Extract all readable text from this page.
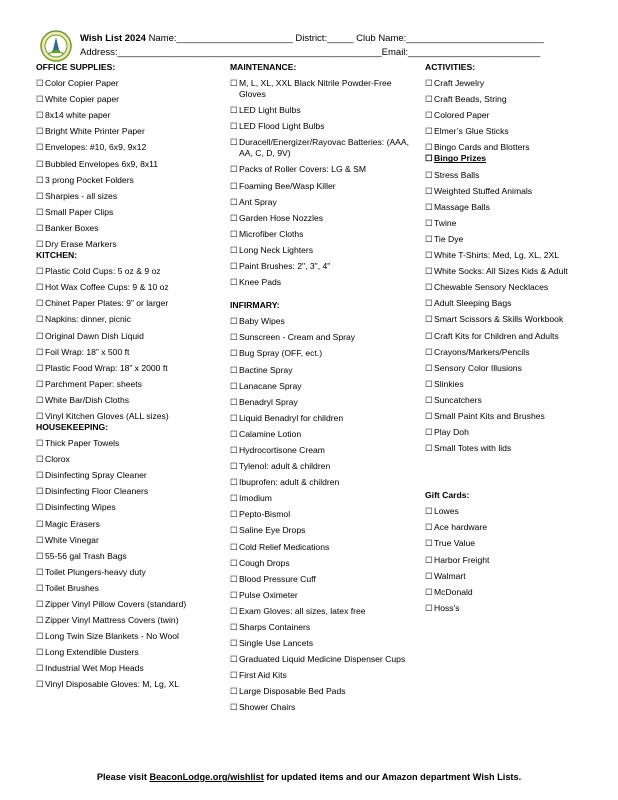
Wish List 2024 Name:______________________ District:_____ Club Name:__________________________
Address:__________________________________________________Email:_________________________
OFFICE SUPPLIES:
☐ Color Copier Paper
☐ White Copier paper
☐ 8x14 white paper
☐ Bright White Printer Paper
☐ Envelopes: #10, 6x9, 9x12
☐ Bubbled Envelopes 6x9, 8x11
☐ 3 prong Pocket Folders
☐ Sharpies - all sizes
☐ Small Paper Clips
☐ Banker Boxes
☐ Dry Erase Markers
KITCHEN:
☐ Plastic Cold Cups: 5 oz & 9 oz
☐ Hot Wax Coffee Cups: 9 & 10 oz
☐ Chinet Paper Plates: 9” or larger
☐ Napkins: dinner, picnic
☐ Original Dawn Dish Liquid
☐ Foil Wrap: 18” x 500 ft
☐ Plastic Food Wrap: 18” x 2000 ft
☐ Parchment Paper: sheets
☐ White Bar/Dish Cloths
☐ Vinyl Kitchen Gloves (ALL sizes)
HOUSEKEEPING:
☐ Thick Paper Towels
☐ Clorox
☐ Disinfecting Spray Cleaner
☐ Disinfecting Floor Cleaners
☐ Disinfecting Wipes
☐ Magic Erasers
☐ White Vinegar
☐ 55-56 gal Trash Bags
☐ Toilet Plungers-heavy duty
☐ Toilet Brushes
☐ Zipper Vinyl Pillow Covers (standard)
☐ Zipper Vinyl Mattress Covers (twin)
☐ Long Twin Size Blankets - No Wool
☐ Long Extendible Dusters
☐ Industrial Wet Mop Heads
☐ Vinyl Disposable Gloves: M, Lg, XL
MAINTENANCE:
☐ M, L, XL, XXL Black Nitrile Powder-Free Gloves
☐ LED Light Bulbs
☐ LED Flood Light Bulbs
☐ Duracell/Energizer/Rayovac Batteries: (AAA, AA, C, D, 9V)
☐ Packs of Roller Covers: LG & SM
☐ Foaming Bee/Wasp Killer
☐ Ant Spray
☐ Garden Hose Nozzles
☐ Microfiber Cloths
☐ Long Neck Lighters
☐ Paint Brushes: 2", 3", 4"
☐ Knee Pads
INFIRMARY:
☐ Baby Wipes
☐ Sunscreen - Cream and Spray
☐ Bug Spray (OFF, ect.)
☐ Bactine Spray
☐ Lanacane Spray
☐ Benadryl Spray
☐ Liquid Benadryl for children
☐ Calamine Lotion
☐ Hydrocortisone Cream
☐ Tylenol: adult & children
☐ Ibuprofen: adult & children
☐ Imodium
☐ Pepto-Bismol
☐ Saline Eye Drops
☐ Cold Relief Medications
☐ Cough Drops
☐ Blood Pressure Cuff
☐ Pulse Oximeter
☐ Exam Gloves: all sizes, latex free
☐ Sharps Containers
☐ Single Use Lancets
☐ Graduated Liquid Medicine Dispenser Cups
☐ First Aid Kits
☐ Large Disposable Bed Pads
☐ Shower Chairs
ACTIVITIES:
☐ Craft Jewelry
☐ Craft Beads, String
☐ Colored Paper
☐ Elmer’s Glue Sticks
☐ Bingo Cards and Blotters
☐ Bingo Prizes
☐ Stress Balls
☐ Weighted Stuffed Animals
☐ Massage Balls
☐ Twine
☐ Tie Dye
☐ White T-Shirts: Med, Lg, XL, 2XL
☐ White Socks: All Sizes Kids & Adult
☐ Chewable Sensory Necklaces
☐ Adult Sleeping Bags
☐ Smart Scissors & Skills Workbook
☐ Craft Kits for Children and Adults
☐ Crayons/Markers/Pencils
☐ Sensory Color Illusions
☐ Slinkies
☐ Suncatchers
☐ Small Paint Kits and Brushes
☐ Play Doh
☐ Small Totes with lids
Gift Cards:
☐ Lowes
☐ Ace hardware
☐ True Value
☐ Harbor Freight
☐ Walmart
☐ McDonald
☐ Hoss's
Please visit BeaconLodge.org/wishlist for updated items and our Amazon department Wish Lists.
